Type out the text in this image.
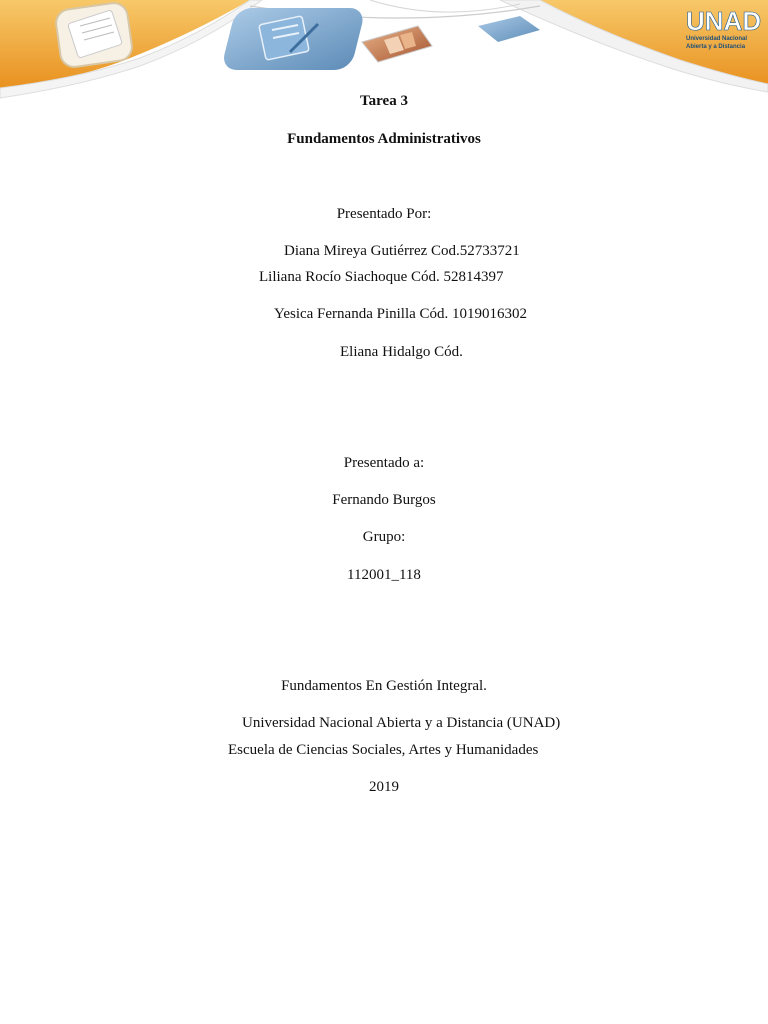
UNAD
Universidad Nacional
Abierta y a Distancia
Tarea 3
Fundamentos Administrativos
Presentado Por:
Diana Mireya Gutiérrez Cod.52733721
Liliana Rocío Siachoque Cód. 52814397
Yesica Fernanda Pinilla Cód. 1019016302
Eliana Hidalgo Cód.
Presentado a:
Fernando Burgos
Grupo:
112001_118
Fundamentos En Gestión Integral.
Universidad Nacional Abierta y a Distancia (UNAD)
Escuela de Ciencias Sociales, Artes y Humanidades
2019
